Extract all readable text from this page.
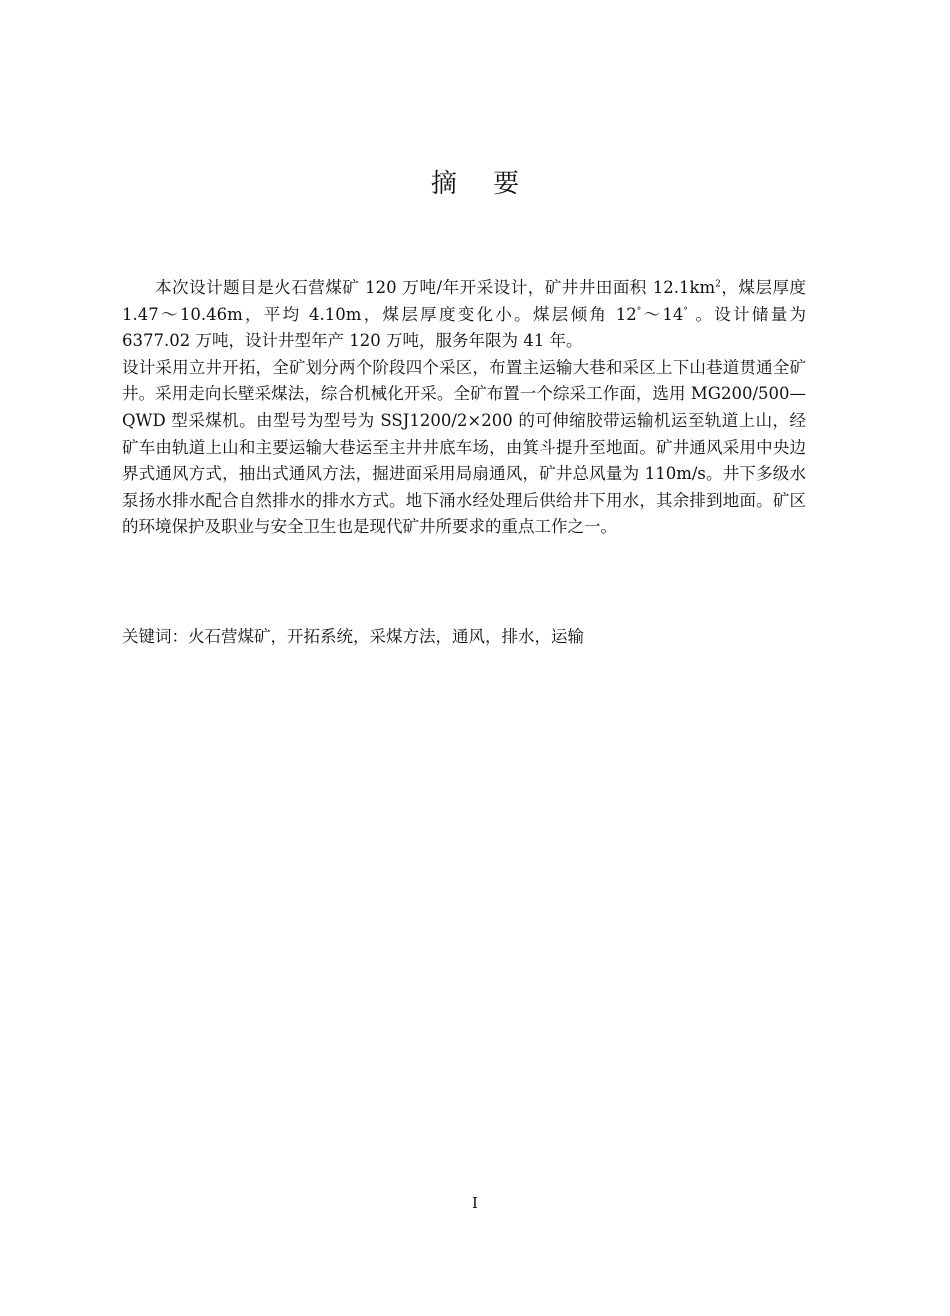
摘 要

本次设计题目是火石营煤矿 120 万吨/年开采设计，矿井井田面积 $12.1km^2$，煤层厚度 1.47～10.46m，平均 4.10m，煤层厚度变化小。煤层倾角 12°～14° 。设计储量为 6377.02 万吨，设计井型年产 120 万吨，服务年限为 41 年。

设计采用立井开拓，全矿划分两个阶段四个采区，布置主运输大巷和采区上下山巷道贯通全矿井。采用走向长壁采煤法，综合机械化开采。全矿布置一个综采工作面，选用 MG200/500—QWD 型采煤机。由型号为型号为 SSJ1200/2×200 的可伸缩胶带运输机运至轨道上山，经矿车由轨道上山和主要运输大巷运至主井井底车场，由箕斗提升至地面。矿井通风采用中央边界式通风方式，抽出式通风方法，掘进面采用局扇通风，矿井总风量为 110m/s。井下多级水泵扬水排水配合自然排水的排水方式。地下涌水经处理后供给井下用水，其余排到地面。矿区的环境保护及职业与安全卫生也是现代矿井所要求的重点工作之一。

关键词：火石营煤矿，开拓系统，采煤方法，通风，排水，运输
I
